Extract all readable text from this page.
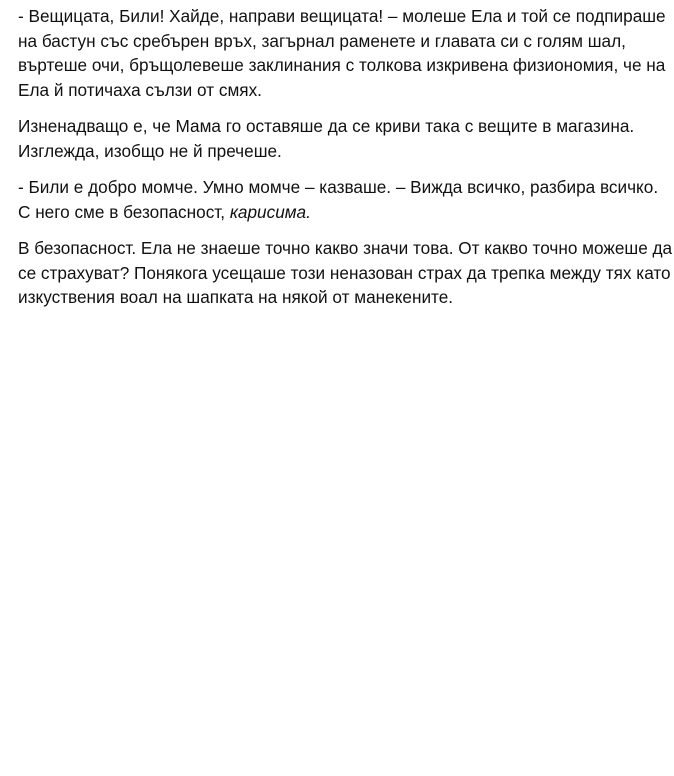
- Вещицата, Били! Хайде, направи вещицата! – молеше Ела и той се подпираше
на бастун със сребърен връх, загърнал раменете и главата си с голям шал,
въртеше очи, бръщолевеше заклинания с толкова изкривена физиономия, че на
Ела й потичаха сълзи от смях.

Изненадващо е, че Мама го оставяше да се криви така с вещите в магазина.
Изглежда, изобщо не й пречеше.

- Били е добро момче. Умно момче – казваше. – Вижда всичко, разбира всичко.
С него сме в безопасност, карисима.

В безопасност. Ела не знаеше точно какво значи това. От какво точно можеше да
се страхуват? Понякога усещаше този неназован страх да трепка между тях като
изкуствения воал на шапката на някой от манекените.
